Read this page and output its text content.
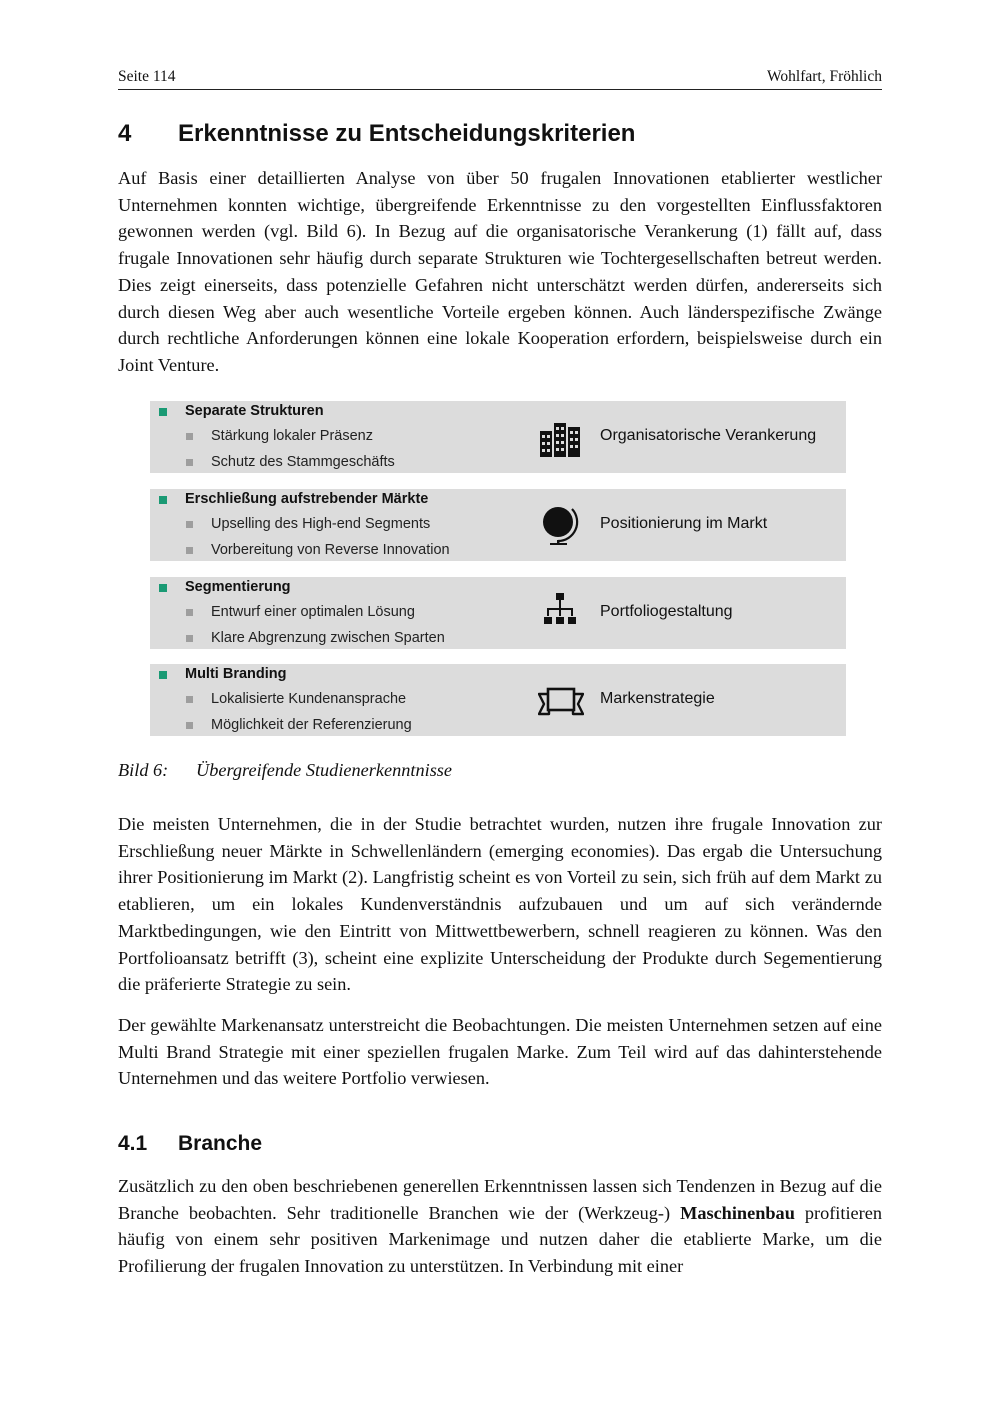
Seite 114	Wohlfart, Fröhlich
4 Erkenntnisse zu Entscheidungskriterien

Auf Basis einer detaillierten Analyse von über 50 frugalen Innovationen etablierter westlicher Unternehmen konnten wichtige, übergreifende Erkenntnisse zu den vorgestellten Einflussfaktoren gewonnen werden (vgl. Bild 6). In Bezug auf die organisatorische Verankerung (1) fällt auf, dass frugale Innovationen sehr häufig durch separate Strukturen wie Tochtergesellschaften betreut werden. Dies zeigt einerseits, dass potenzielle Gefahren nicht unterschätzt werden dürfen, andererseits sich durch diesen Weg aber auch wesentliche Vorteile ergeben können. Auch länderspezifische Zwänge durch rechtliche Anforderungen können eine lokale Kooperation erfordern, beispielsweise durch ein Joint Venture.

Separate Strukturen
Stärkung lokaler Präsenz
Schutz des Stammgeschäfts
Organisatorische Verankerung
Erschließung aufstrebender Märkte
Upselling des High-end Segments
Vorbereitung von Reverse Innovation
Positionierung im Markt
Segmentierung
Entwurf einer optimalen Lösung
Klare Abgrenzung zwischen Sparten
Portfoliogestaltung
Multi Branding
Lokalisierte Kundenansprache
Möglichkeit der Referenzierung
Markenstrategie
Bild 6: Übergreifende Studienerkenntnisse

Die meisten Unternehmen, die in der Studie betrachtet wurden, nutzen ihre frugale Innovation zur Erschließung neuer Märkte in Schwellenländern (emerging economies). Das ergab die Untersuchung ihrer Positionierung im Markt (2). Langfristig scheint es von Vorteil zu sein, sich früh auf dem Markt zu etablieren, um ein lokales Kundenverständnis aufzubauen und um auf sich verändernde Marktbedingungen, wie den Eintritt von Mittwettbewerbern, schnell reagieren zu können. Was den Portfolioansatz betrifft (3), scheint eine explizite Unterscheidung der Produkte durch Segementierung die präferierte Strategie zu sein.

Der gewählte Markenansatz unterstreicht die Beobachtungen. Die meisten Unternehmen setzen auf eine Multi Brand Strategie mit einer speziellen frugalen Marke. Zum Teil wird auf das dahinterstehende Unternehmen und das weitere Portfolio verwiesen.

4.1 Branche

Zusätzlich zu den oben beschriebenen generellen Erkenntnissen lassen sich Tendenzen in Bezug auf die Branche beobachten. Sehr traditionelle Branchen wie der (Werkzeug-) Maschinenbau profitieren häufig von einem sehr positiven Markenimage und nutzen daher die etablierte Marke, um die Profilierung der frugalen Innovation zu unterstützen. In Verbindung mit einer
